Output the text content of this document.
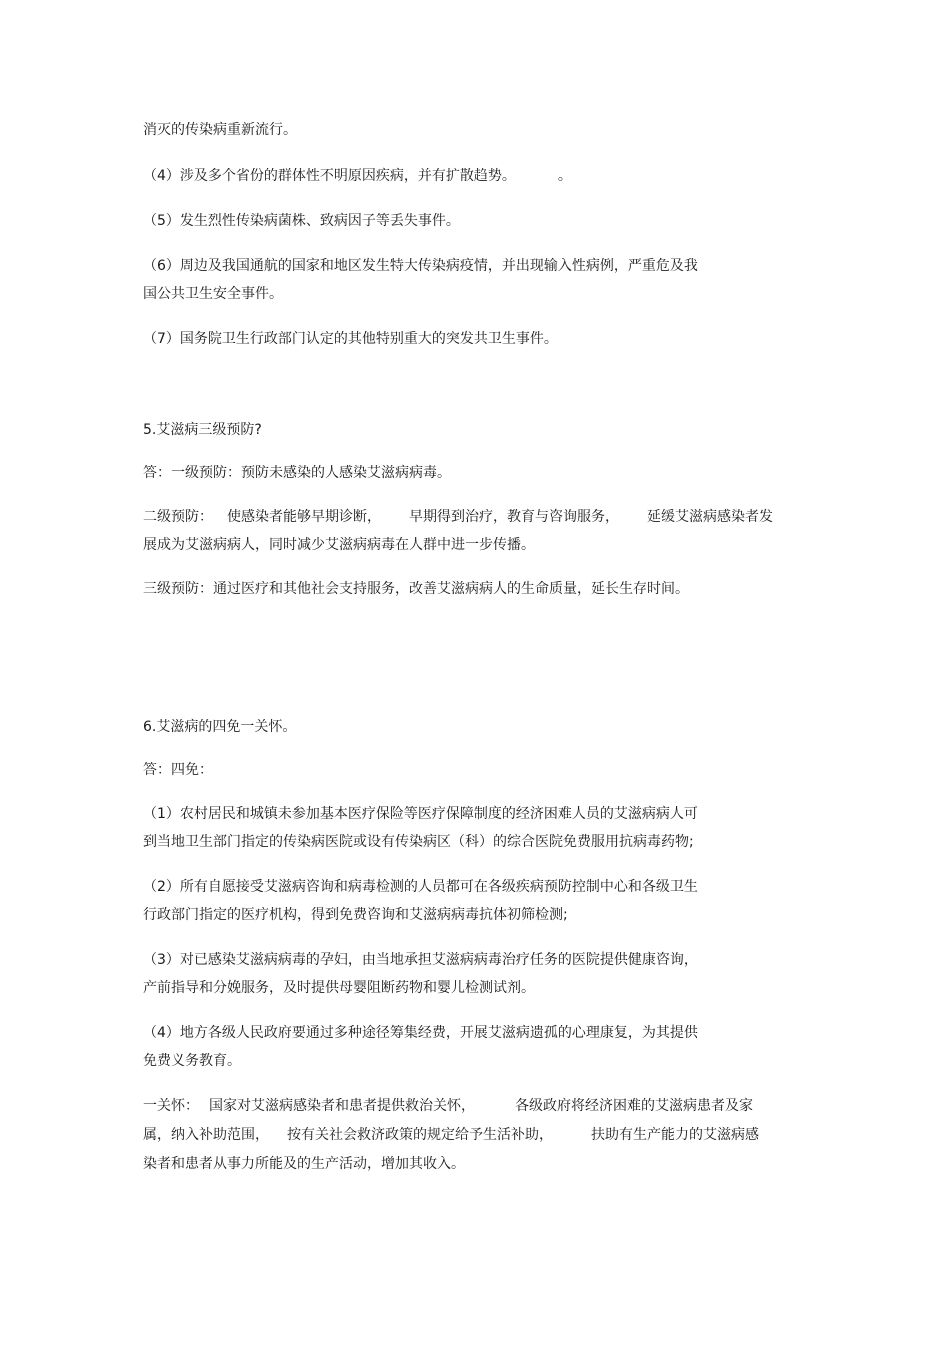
消灭的传染病重新流行。
（4）涉及多个省份的群体性不明原因疾病，并有扩散趋势。	。
（5）发生烈性传染病菌株、致病因子等丢失事件。
（6）周边及我国通航的国家和地区发生特大传染病疫情，并出现输入性病例，严重危及我
国公共卫生安全事件。
（7）国务院卫生行政部门认定的其他特别重大的突发共卫生事件。
5.艾滋病三级预防?
答：一级预防：预防未感染的人感染艾滋病病毒。
二级预防： 使感染者能够早期诊断， 早期得到治疗，教育与咨询服务， 延缓艾滋病感染者发
展成为艾滋病病人，同时减少艾滋病病毒在人群中进一步传播。
三级预防：通过医疗和其他社会支持服务，改善艾滋病病人的生命质量，延长生存时间。
6.艾滋病的四免一关怀。
答：四免：
（1）农村居民和城镇未参加基本医疗保险等医疗保障制度的经济困难人员的艾滋病病人可
到当地卫生部门指定的传染病医院或设有传染病区（科）的综合医院免费服用抗病毒药物;
（2）所有自愿接受艾滋病咨询和病毒检测的人员都可在各级疾病预防控制中心和各级卫生
行政部门指定的医疗机构，得到免费咨询和艾滋病病毒抗体初筛检测;
（3）对已感染艾滋病病毒的孕妇，由当地承担艾滋病病毒治疗任务的医院提供健康咨询，
产前指导和分娩服务，及时提供母婴阻断药物和婴儿检测试剂。
（4）地方各级人民政府要通过多种途径筹集经费，开展艾滋病遗孤的心理康复，为其提供
免费义务教育。
一关怀： 国家对艾滋病感染者和患者提供救治关怀，	各级政府将经济困难的艾滋病患者及家
属，纳入补助范围， 按有关社会救济政策的规定给予生活补助，	扶助有生产能力的艾滋病感
染者和患者从事力所能及的生产活动，增加其收入。
